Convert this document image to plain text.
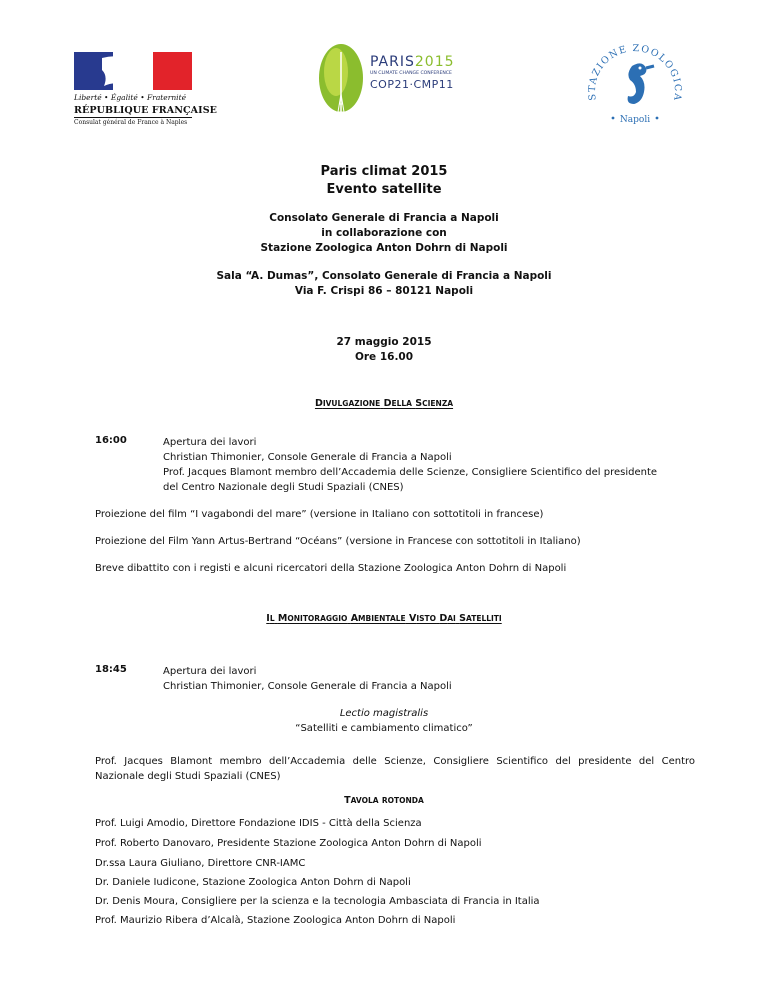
Liberté • Égalité • Fraternité
RÉPUBLIQUE FRANÇAISE
Consulat général de France à Naples
PARIS2015
UN CLIMATE CHANGE CONFERENCE
COP21·CMP11
STAZIONE ZOOLOGICA
Napoli
Paris climat 2015
Evento satellite
Consolato Generale di Francia a Napoli
in collaborazione con
Stazione Zoologica Anton Dohrn di Napoli
Sala “A. Dumas”, Consolato Generale di Francia a Napoli
Via F. Crispi 86 – 80121 Napoli
27 maggio 2015
Ore 16.00
DIVULGAZIONE DELLA SCIENZA
16:00	Apertura dei lavori
Christian Thimonier, Console Generale di Francia a Napoli
Prof. Jacques Blamont membro dell’Accademia delle Scienze, Consigliere Scientifico del presidente
del Centro Nazionale degli Studi Spaziali (CNES)
Proiezione del film “I vagabondi del mare” (versione in Italiano con sottotitoli in francese)
Proiezione del Film Yann Artus-Bertrand “Océans” (versione in Francese con sottotitoli in Italiano)
Breve dibattito con i registi e alcuni ricercatori della Stazione Zoologica Anton Dohrn di Napoli
IL MONITORAGGIO AMBIENTALE VISTO DAI SATELLITI
18:45	Apertura dei lavori
Christian Thimonier, Console Generale di Francia a Napoli
Lectio magistralis
“Satelliti e cambiamento climatico”
Prof. Jacques Blamont membro dell’Accademia delle Scienze, Consigliere Scientifico del presidente del Centro Nazionale degli Studi Spaziali (CNES)
TAVOLA ROTONDA
Prof. Luigi Amodio, Direttore Fondazione IDIS - Città della Scienza
Prof. Roberto Danovaro, Presidente Stazione Zoologica Anton Dohrn di Napoli
Dr.ssa Laura Giuliano, Direttore CNR-IAMC
Dr. Daniele Iudicone, Stazione Zoologica Anton Dohrn di Napoli
Dr. Denis Moura, Consigliere per la scienza e la tecnologia Ambasciata di Francia in Italia
Prof. Maurizio Ribera d’Alcalà, Stazione Zoologica Anton Dohrn di Napoli
